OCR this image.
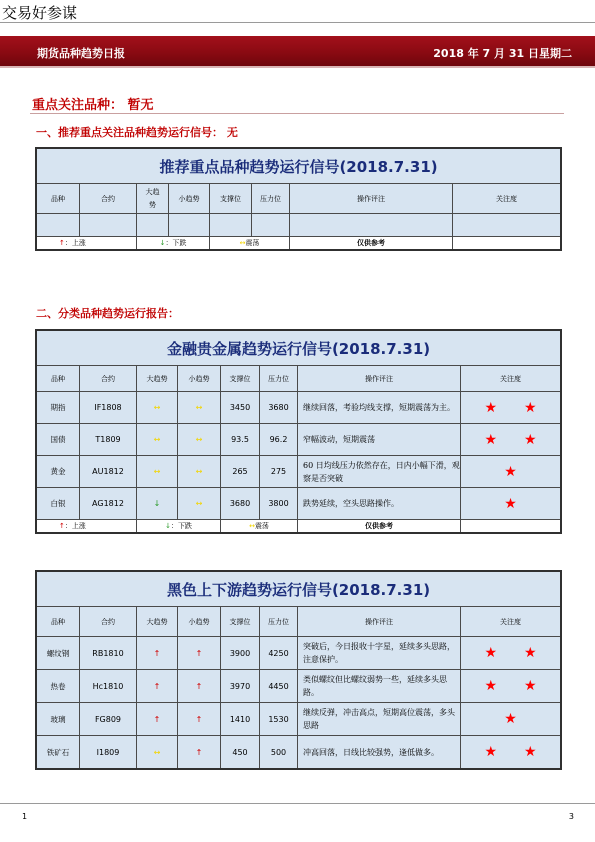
交易好参谋
期货品种趋势日报	2018 年 7 月 31 日星期二
重点关注品种： 暂无
一、推荐重点关注品种趋势运行信号： 无
推荐重点品种趋势运行信号(2018.7.31)							
品种	合约	大趋势	小趋势	支撑位	压力位	操作评注	关注度

↑：上涨		↓：下跌		↔震荡		仅供参考	
二、分类品种趋势运行报告：
金融贵金属趋势运行信号(2018.7.31)							
品种	合约	大趋势	小趋势	支撑位	压力位	操作评注	关注度
期指	IF1808	↔	↔	3450	3680	继续回落，考验均线支撑，短期震荡为主。	★ ★

国债	T1809	↔	↔	93.5	96.2	窄幅波动，短期震荡	★ ★

黄金	AU1812	↔	↔	265	275	60 日均线压力依然存在，日内小幅下滑，观察是否突破	★

白银	AG1812	↓	↔	3680	3800	跌势延续，空头思路操作。	★

↑：上涨		↓：下跌		↔震荡		仅供参考	
黑色上下游趋势运行信号(2018.7.31)							
品种	合约	大趋势	小趋势	支撑位	压力位	操作评注	关注度
螺纹钢	RB1810	↑	↑	3900	4250	突破后，今日报收十字星，延续多头思路，注意保护。	★ ★

热卷	Hc1810	↑	↑	3970	4450	类似螺纹但比螺纹弱势一些，延续多头思路。	★ ★

玻璃	FG809	↑	↑	1410	1530	继续反弹，冲击高点，短期高位震荡，多头思路	★

铁矿石	I1809	↔	↑	450	500	冲高回落，日线比较强势，逢低做多。	★ ★
1	3
